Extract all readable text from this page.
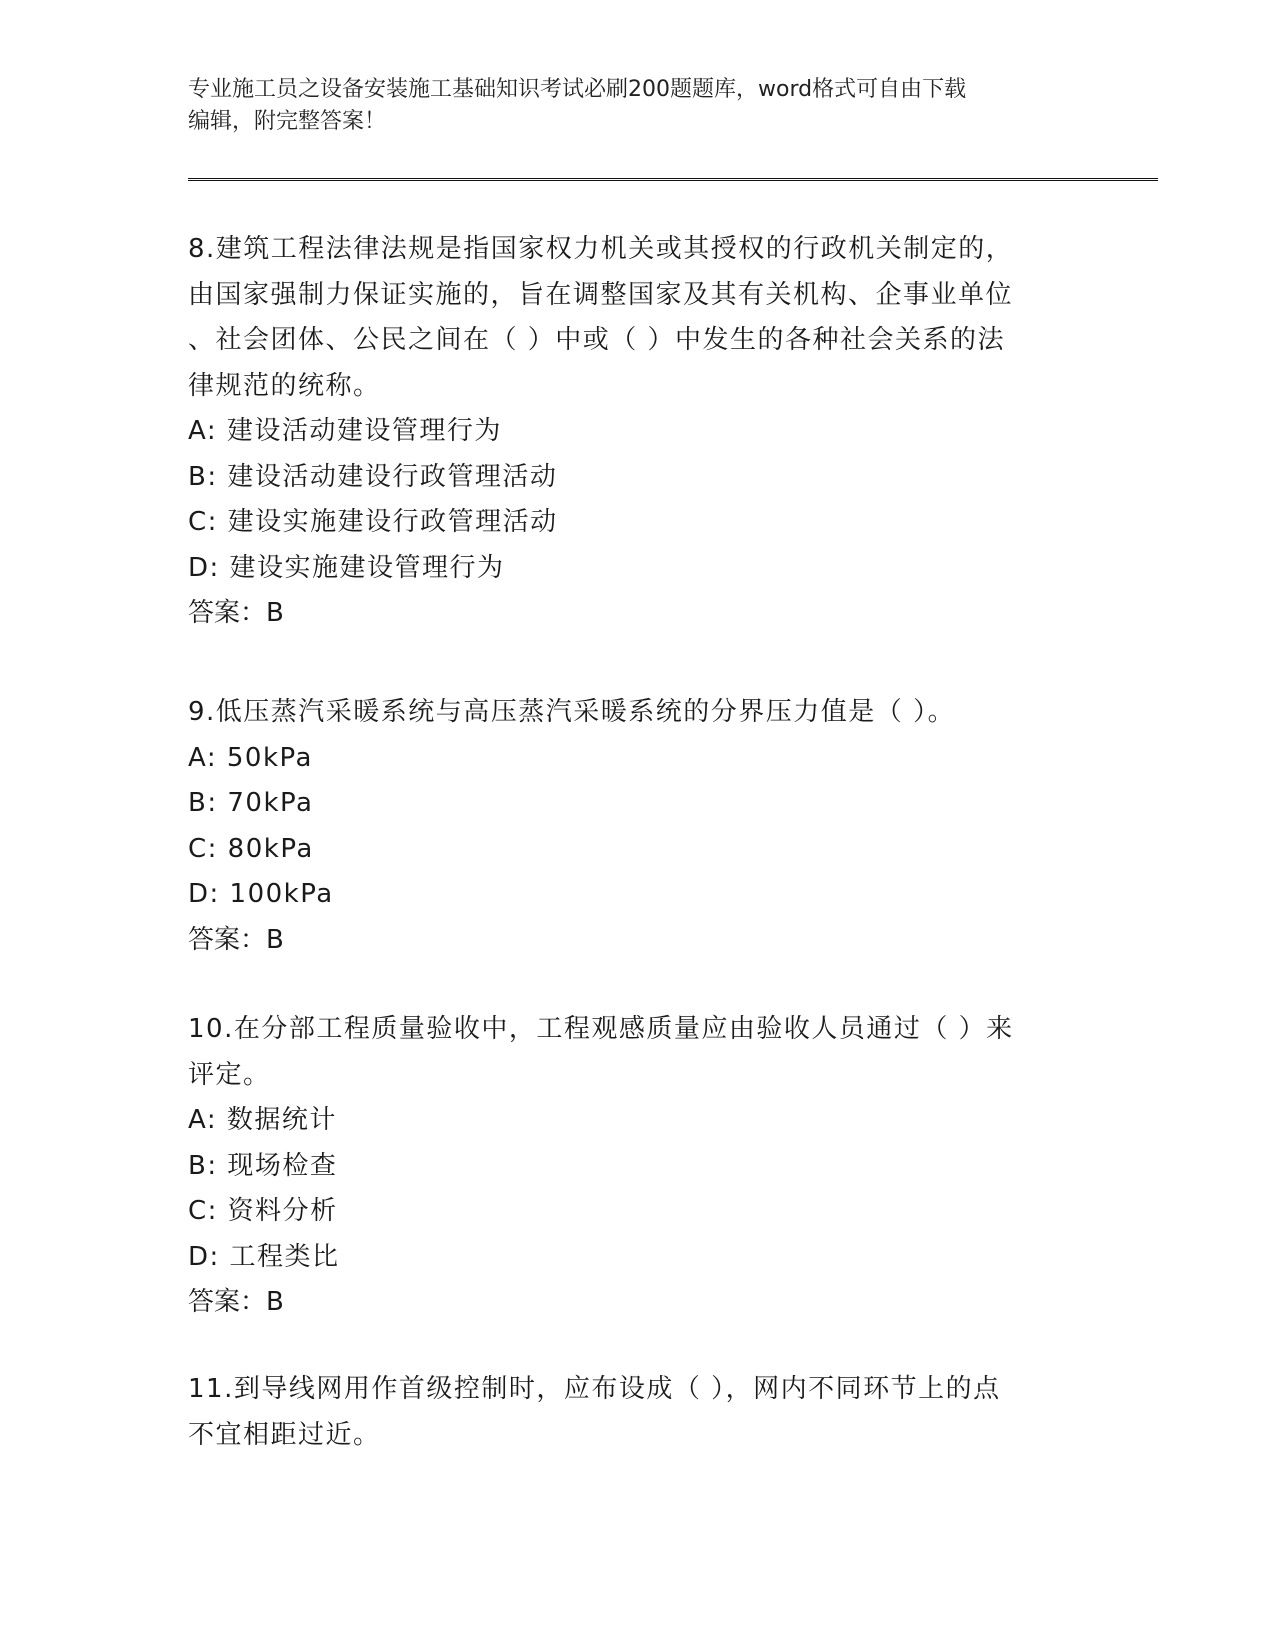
专业施工员之设备安装施工基础知识考试必刷200题题库，word格式可自由下载
编辑，附完整答案！
8.建筑工程法律法规是指国家权力机关或其授权的行政机关制定的，
由国家强制力保证实施的，旨在调整国家及其有关机构、企事业单位
、社会团体、公民之间在（ ）中或（ ）中发生的各种社会关系的法
律规范的统称。
A: 建设活动建设管理行为
B: 建设活动建设行政管理活动
C: 建设实施建设行政管理活动
D: 建设实施建设管理行为
答案：B
9.低压蒸汽采暖系统与高压蒸汽采暖系统的分界压力值是（ ）。
A: 50kPa
B: 70kPa
C: 80kPa
D: 100kPa
答案：B
10.在分部工程质量验收中，工程观感质量应由验收人员通过（ ）来
评定。
A: 数据统计
B: 现场检查
C: 资料分析
D: 工程类比
答案：B
11.到导线网用作首级控制时，应布设成（ ），网内不同环节上的点
不宜相距过近。
